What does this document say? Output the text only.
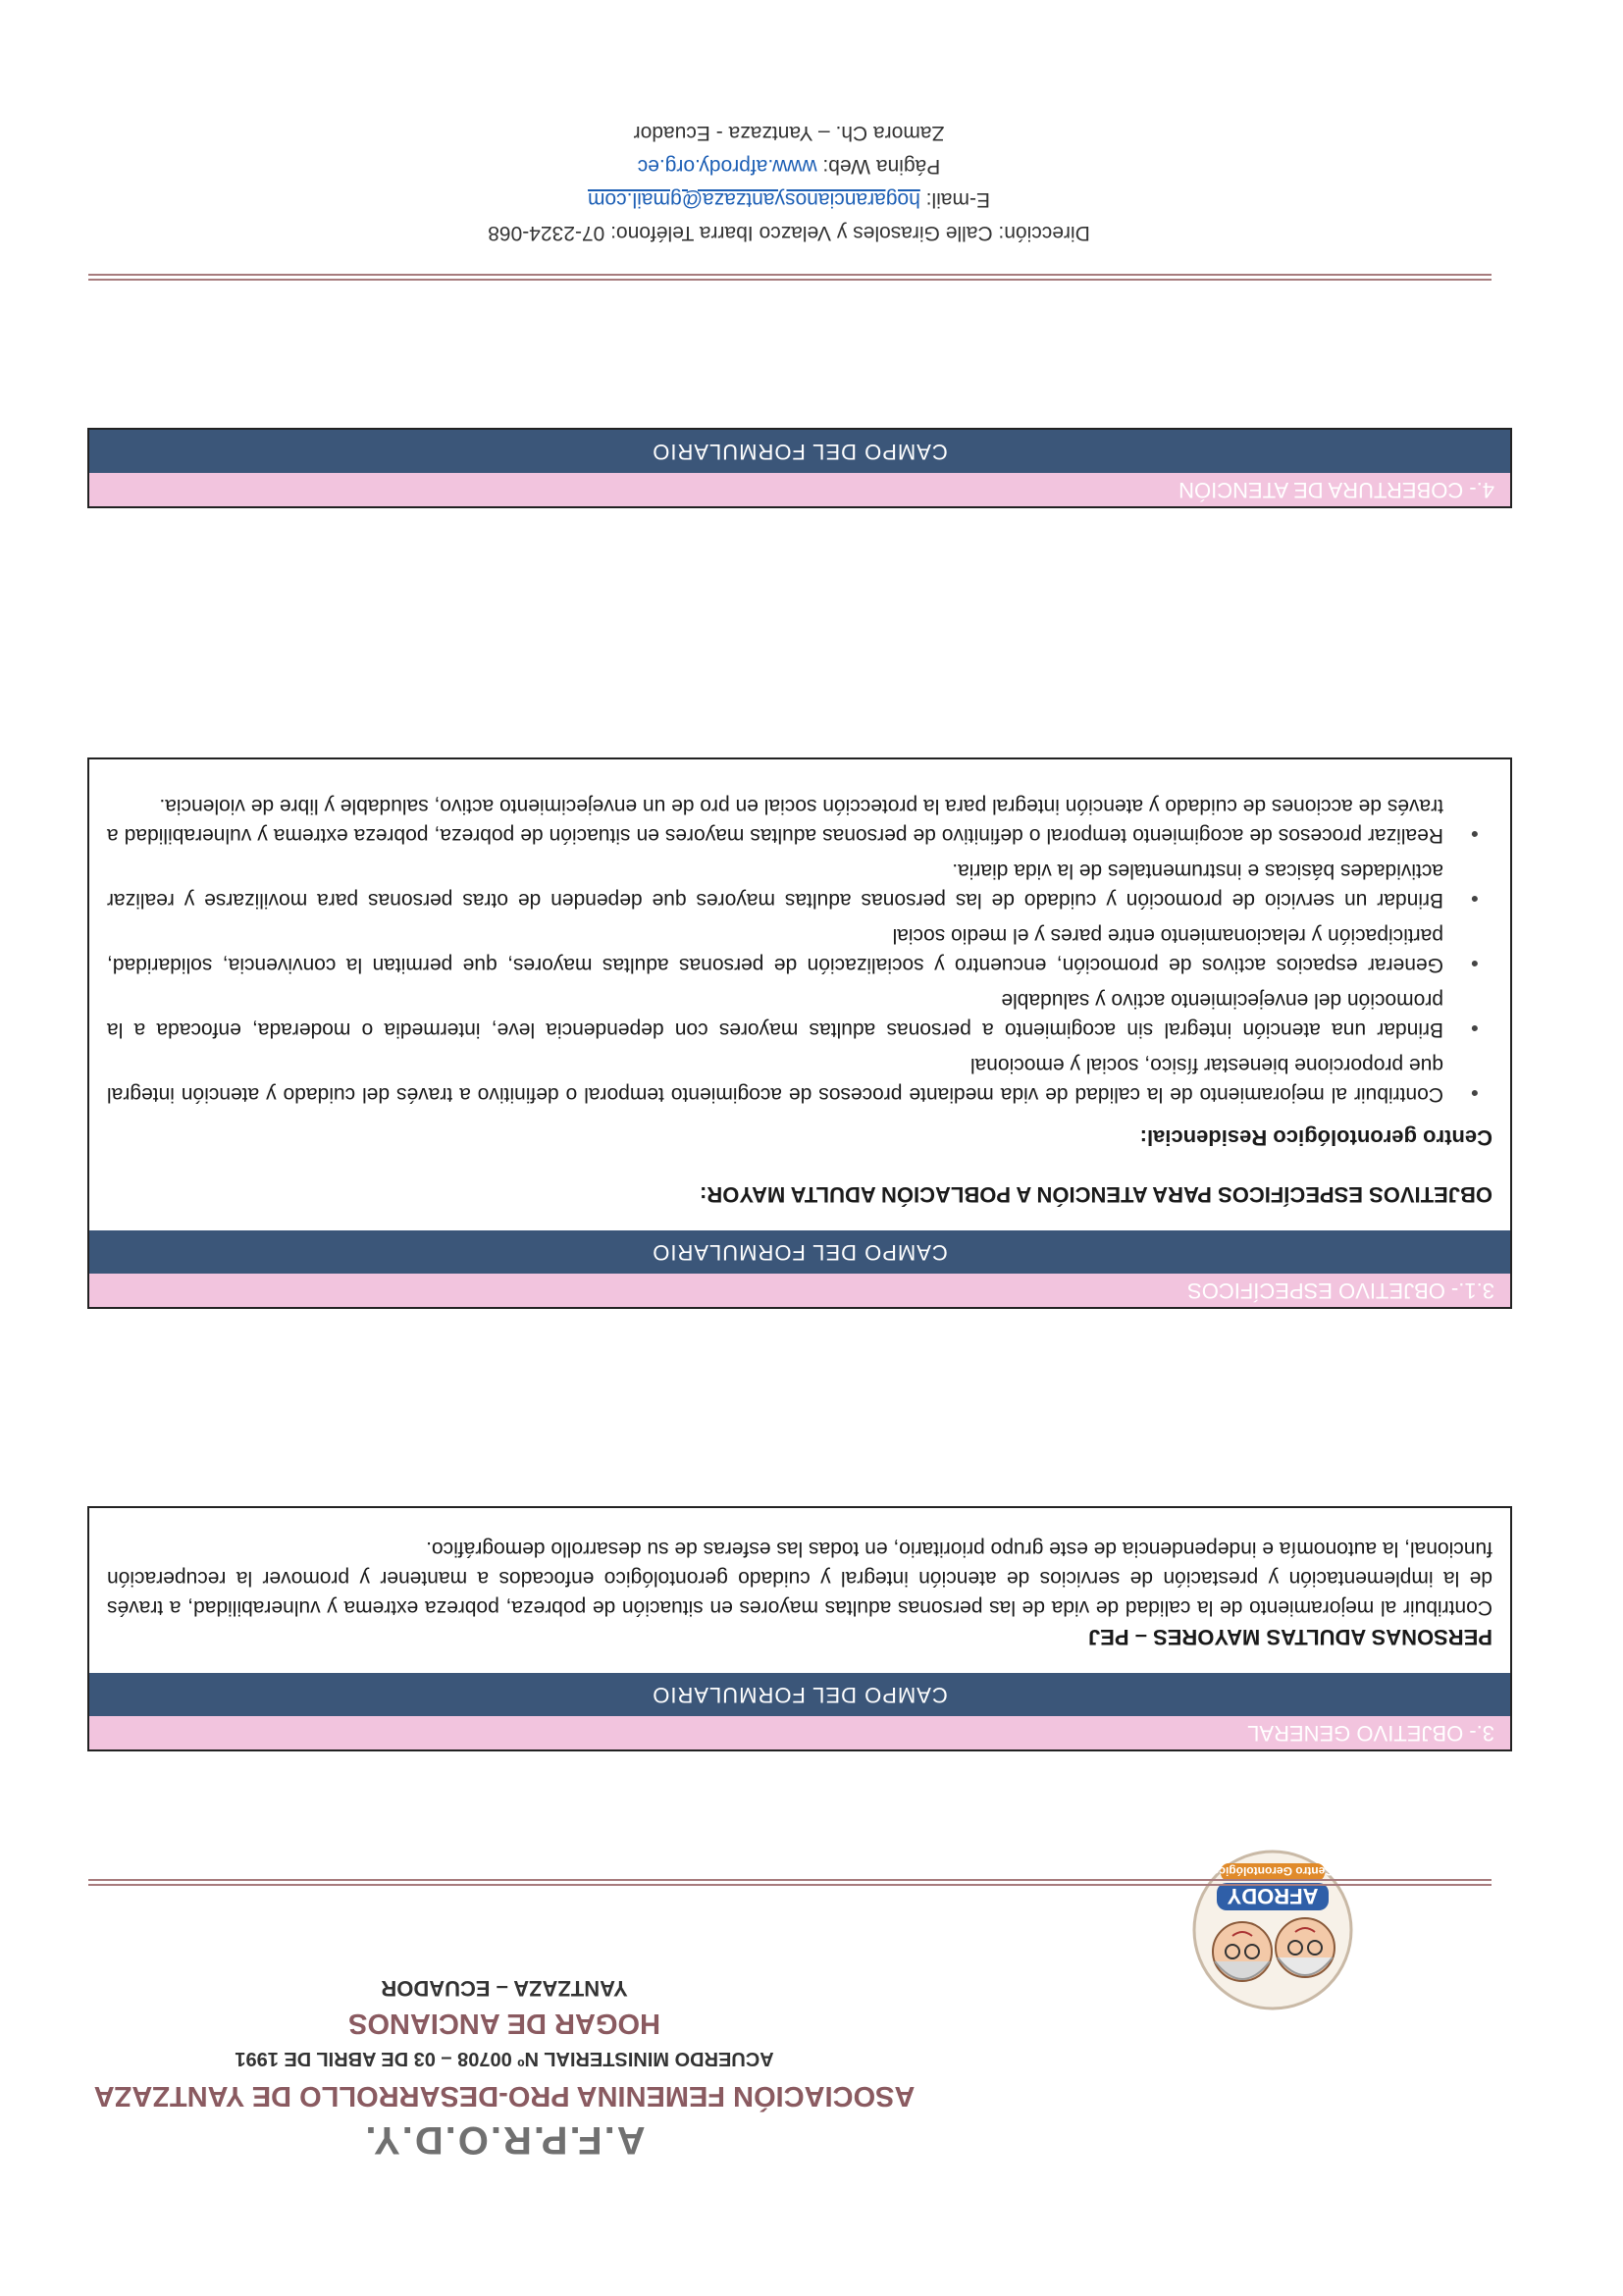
AFRODY
Centro Gerontológico

A.F.P.R.O.D.Y.

ASOCIACIÓN FEMENINA PRO-DESARROLLO DE YANTZAZA

ACUERDO MINISTERIAL Nº 00708 – 03 DE ABRIL DE 1991

HOGAR DE ANCIANOS

YANTZAZA – ECUADOR

3.- OBJETIVO GENERAL
CAMPO DEL FORMULARIO

PERSONAS ADULTAS MAYORES – PEJ

Contribuir al mejoramiento de la calidad de vida de las personas adultas mayores en situación de pobreza, pobreza extrema y vulnerabilidad, a través de la implementación y prestación de servicios de atención integral y cuidado gerontológico enfocados a mantener y promover la recuperación funcional, la autonomía e independencia de este grupo prioritario, en todas las esferas de su desarrollo demográfico.

3.1.- OBJETIVO ESPECÍFICOS
CAMPO DEL FORMULARIO

OBJETIVOS ESPECÍFICOS PARA ATENCIÓN A POBLACIÓN ADULTA MAYOR:

Centro gerontológico Residencial:

● Contribuir al mejoramiento de la calidad de vida mediante procesos de acogimiento temporal o definitivo a través del cuidado y atención integral que proporcione bienestar físico, social y emocional
● Brindar una atención integral sin acogimiento a personas adultas mayores con dependencia leve, intermedia o moderada, enfocada a la promoción del envejecimiento activo y saludable
● Generar espacios activos de promoción, encuentro y socialización de personas adultas mayores, que permitan la convivencia, solidaridad, participación y relacionamiento entre pares y el medio social
● Brindar un servicio de promoción y cuidado de las personas adultas mayores que dependen de otras personas para movilizarse y realizar actividades básicas e instrumentales de la vida diaria.
● Realizar procesos de acogimiento temporal o definitivo de personas adultas mayores en situación de pobreza, pobreza extrema y vulnerabilidad a través de acciones de cuidado y atención integral para la protección social en pro de un envejecimiento activo, saludable y libre de violencia.
4.- COBERTURA DE ATENCIÓN
CAMPO DEL FORMULARIO
Dirección: Calle Girasoles y Velazco Ibarra Teléfono: 07-2324-068
E-mail: hogarancianosyantzaza@gmail.com
Página Web: www.afprody.org.ec
Zamora Ch. – Yantzaza - Ecuador
